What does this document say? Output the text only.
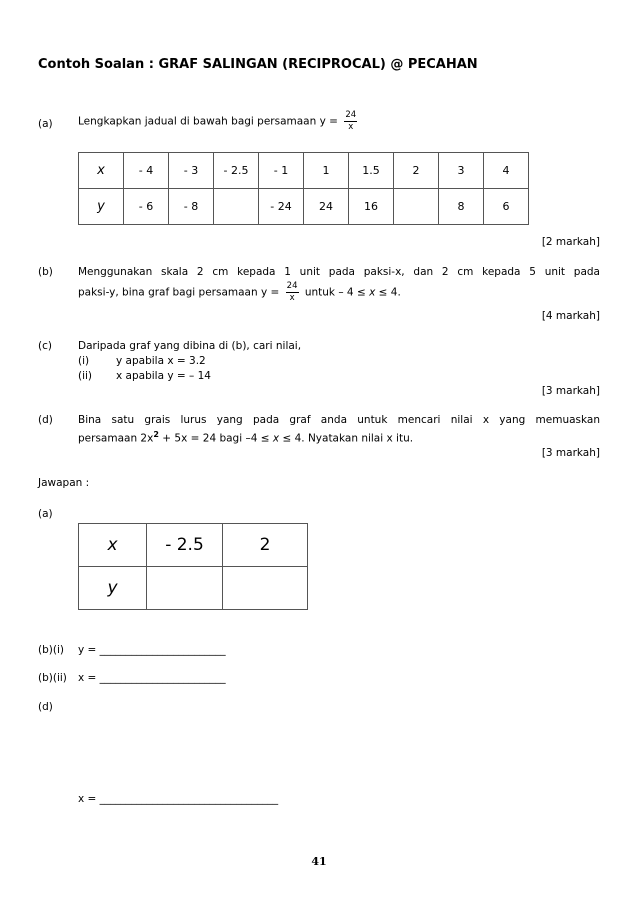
Contoh Soalan : GRAF SALINGAN (RECIPROCAL) @ PECAHAN
(a) Lengkapkan jadual di bawah bagi persamaan $y = \frac{24}{x}$
x	- 4	- 3	- 2.5	- 1	1	1.5	2	3	4
y	- 6	- 8		- 24	24	16		8	6
[2 markah]
(b) Menggunakan skala 2 cm kepada 1 unit pada paksi-x, dan 2 cm kepada 5 unit pada
paksi-y, bina graf bagi persamaan $y = \frac{24}{x}$ untuk – 4 ≤ x ≤ 4.
[4 markah]
(c) Daripada graf yang dibina di (b), cari nilai,
(i)	y apabila x = 3.2
(ii) x apabila y = – 14
[3 markah]
(d) Bina satu grais lurus yang pada graf anda untuk mencari nilai x yang memuaskan
persamaan $2x^2 + 5x = 24$ bagi –4 ≤ x ≤ 4. Nyatakan nilai x itu.
[3 markah]
Jawapan :
(a)
x	- 2.5	2
y		
(b)(i) y = ________________________
(b)(ii) x = ________________________
(d)
x = __________________________________
41
